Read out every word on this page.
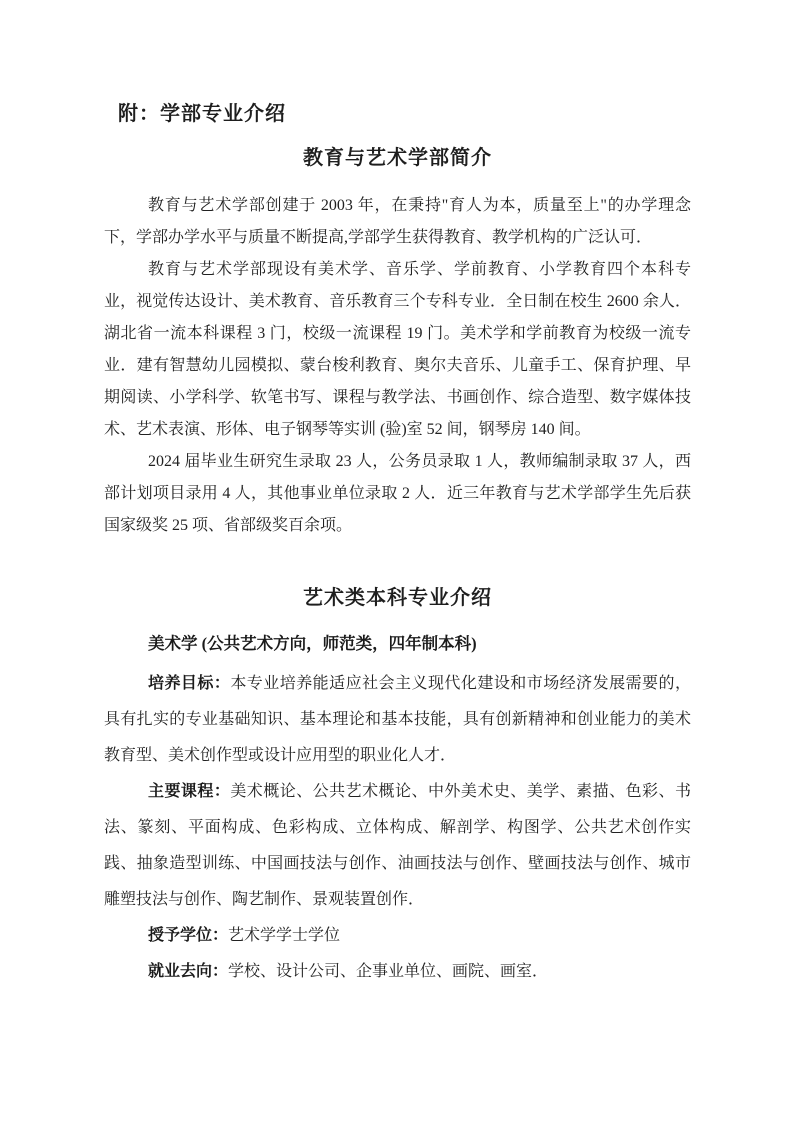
附：学部专业介绍
教育与艺术学部简介

教育与艺术学部创建于 2003 年，在秉持"育人为本，质量至上"的办学理念下，学部办学水平与质量不断提高,学部学生获得教育、教学机构的广泛认可．

教育与艺术学部现设有美术学、音乐学、学前教育、小学教育四个本科专业，视觉传达设计、美术教育、音乐教育三个专科专业．全日制在校生 2600 余人．湖北省一流本科课程 3 门，校级一流课程 19 门。美术学和学前教育为校级一流专业．建有智慧幼儿园模拟、蒙台梭利教育、奥尔夫音乐、儿童手工、保育护理、早期阅读、小学科学、软笔书写、课程与教学法、书画创作、综合造型、数字媒体技术、艺术表演、形体、电子钢琴等实训 (验)室 52 间，钢琴房 140 间。

2024 届毕业生研究生录取 23 人，公务员录取 1 人，教师编制录取 37 人，西部计划项目录用 4 人，其他事业单位录取 2 人．近三年教育与艺术学部学生先后获国家级奖 25 项、省部级奖百余项。

艺术类本科专业介绍

美术学 (公共艺术方向，师范类，四年制本科)

培养目标：本专业培养能适应社会主义现代化建设和市场经济发展需要的，具有扎实的专业基础知识、基本理论和基本技能，具有创新精神和创业能力的美术教育型、美术创作型或设计应用型的职业化人才．

主要课程：美术概论、公共艺术概论、中外美术史、美学、素描、色彩、书法、篆刻、平面构成、色彩构成、立体构成、解剖学、构图学、公共艺术创作实践、抽象造型训练、中国画技法与创作、油画技法与创作、壁画技法与创作、城市雕塑技法与创作、陶艺制作、景观装置创作．

授予学位：艺术学学士学位

就业去向：学校、设计公司、企事业单位、画院、画室．
